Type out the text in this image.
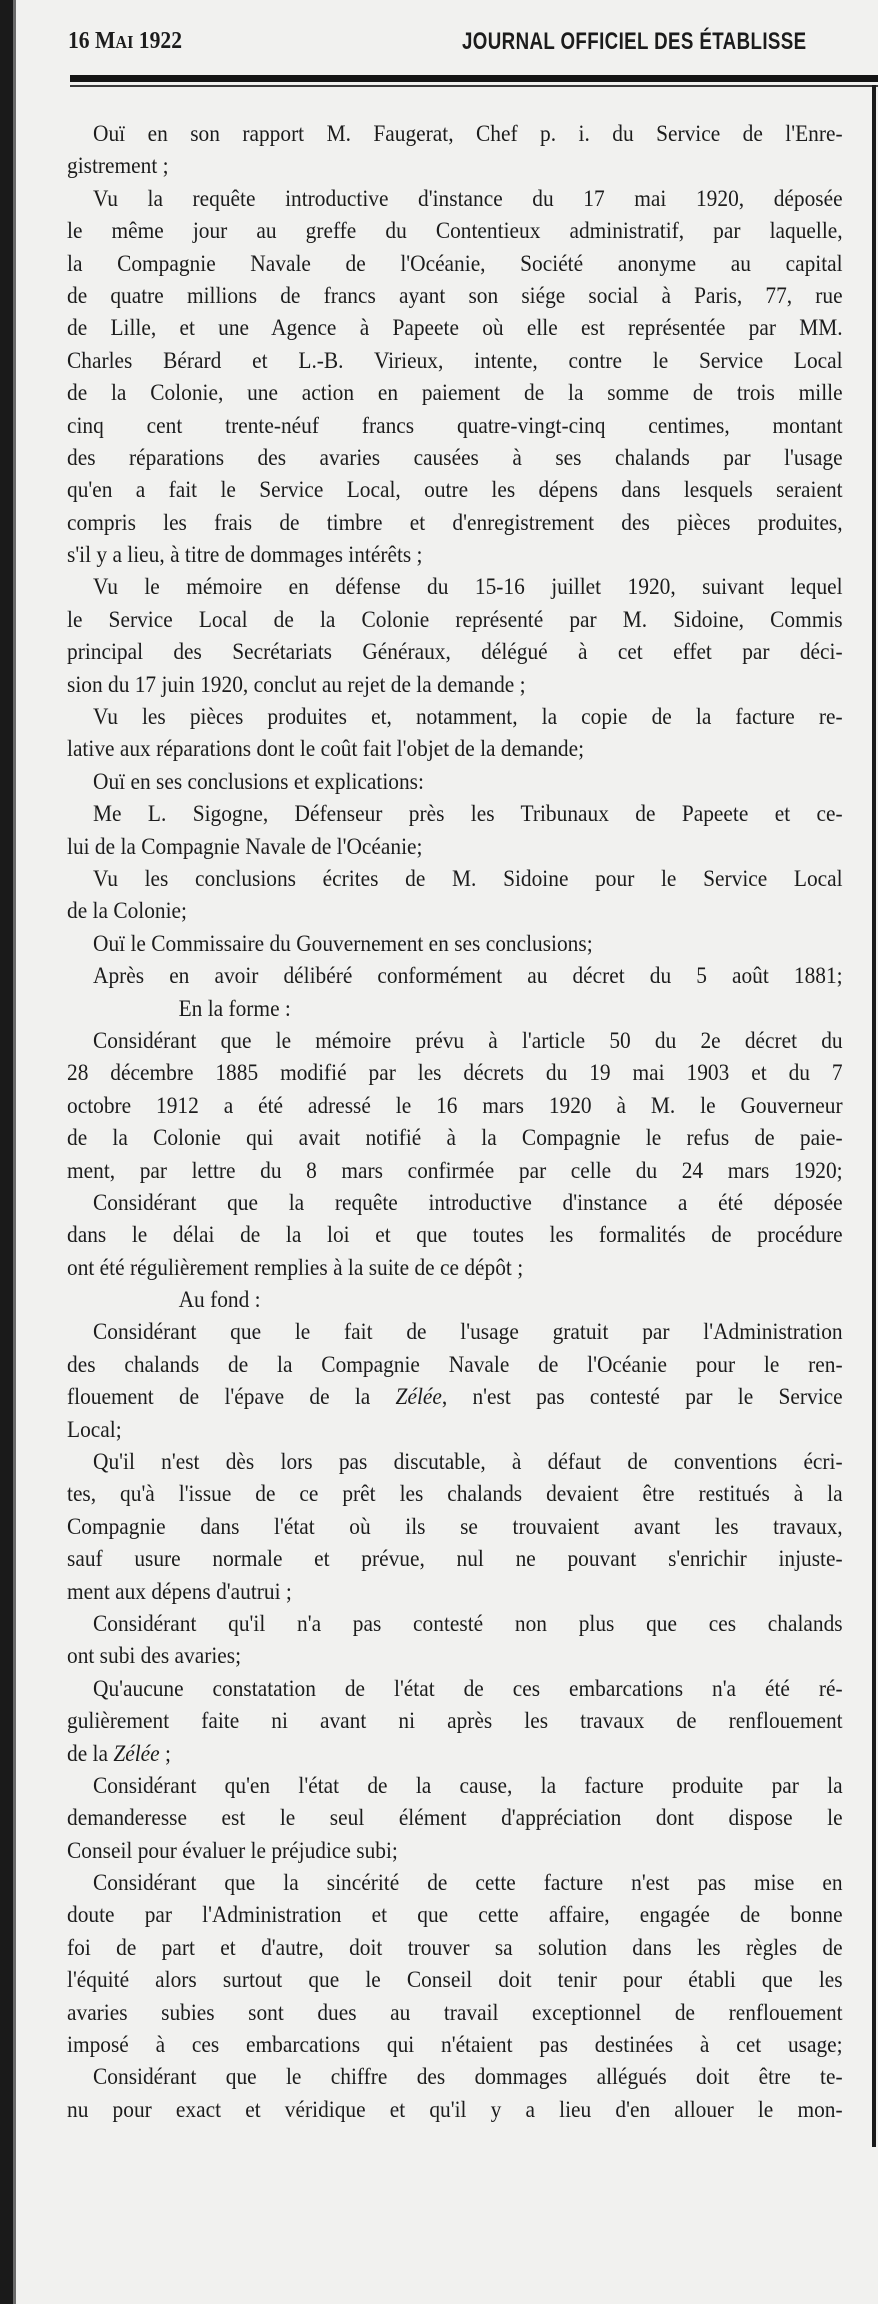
16 MAI 1922	JOURNAL OFFICIEL DES ÉTABLISSE
Ouï en son rapport M. Faugerat, Chef p. i. du Service de l'Enre-
gistrement ;
Vu la requête introductive d'instance du 17 mai 1920, déposée
le même jour au greffe du Contentieux administratif, par laquelle,
la Compagnie Navale de l'Océanie, Société anonyme au capital
de quatre millions de francs ayant son siége social à Paris, 77, rue
de Lille, et une Agence à Papeete où elle est représentée par MM.
Charles Bérard et L.-B. Virieux, intente, contre le Service Local
de la Colonie, une action en paiement de la somme de trois mille
cinq cent trente-néuf francs quatre-vingt-cinq centimes, montant
des réparations des avaries causées à ses chalands par l'usage
qu'en a fait le Service Local, outre les dépens dans lesquels seraient
compris les frais de timbre et d'enregistrement des pièces produites,
s'il y a lieu, à titre de dommages intérêts ;
Vu le mémoire en défense du 15-16 juillet 1920, suivant lequel
le Service Local de la Colonie représenté par M. Sidoine, Commis
principal des Secrétariats Généraux, délégué à cet effet par déci-
sion du 17 juin 1920, conclut au rejet de la demande ;
Vu les pièces produites et, notamment, la copie de la facture re-
lative aux réparations dont le coût fait l'objet de la demande;
Ouï en ses conclusions et explications:
Me L. Sigogne, Défenseur près les Tribunaux de Papeete et ce-
lui de la Compagnie Navale de l'Océanie;
Vu les conclusions écrites de M. Sidoine pour le Service Local
de la Colonie;
Ouï le Commissaire du Gouvernement en ses conclusions;
Après en avoir délibéré conformément au décret du 5 août 1881;
En la forme :
Considérant que le mémoire prévu à l'article 50 du 2e décret du
28 décembre 1885 modifié par les décrets du 19 mai 1903 et du 7
octobre 1912 a été adressé le 16 mars 1920 à M. le Gouverneur
de la Colonie qui avait notifié à la Compagnie le refus de paie-
ment, par lettre du 8 mars confirmée par celle du 24 mars 1920;
Considérant que la requête introductive d'instance a été déposée
dans le délai de la loi et que toutes les formalités de procédure
ont été régulièrement remplies à la suite de ce dépôt ;
Au fond :
Considérant que le fait de l'usage gratuit par l'Administration
des chalands de la Compagnie Navale de l'Océanie pour le ren-
flouement de l'épave de la Zélée, n'est pas contesté par le Service
Local;
Qu'il n'est dès lors pas discutable, à défaut de conventions écri-
tes, qu'à l'issue de ce prêt les chalands devaient être restitués à la
Compagnie dans l'état où ils se trouvaient avant les travaux,
sauf usure normale et prévue, nul ne pouvant s'enrichir injuste-
ment aux dépens d'autrui ;
Considérant qu'il n'a pas contesté non plus que ces chalands
ont subi des avaries;
Qu'aucune constatation de l'état de ces embarcations n'a été ré-
gulièrement faite ni avant ni après les travaux de renflouement
de la Zélée ;
Considérant qu'en l'état de la cause, la facture produite par la
demanderesse est le seul élément d'appréciation dont dispose le
Conseil pour évaluer le préjudice subi;
Considérant que la sincérité de cette facture n'est pas mise en
doute par l'Administration et que cette affaire, engagée de bonne
foi de part et d'autre, doit trouver sa solution dans les règles de
l'équité alors surtout que le Conseil doit tenir pour établi que les
avaries subies sont dues au travail exceptionnel de renflouement
imposé à ces embarcations qui n'étaient pas destinées à cet usage;
Considérant que le chiffre des dommages allégués doit être te-
nu pour exact et véridique et qu'il y a lieu d'en allouer le mon-
